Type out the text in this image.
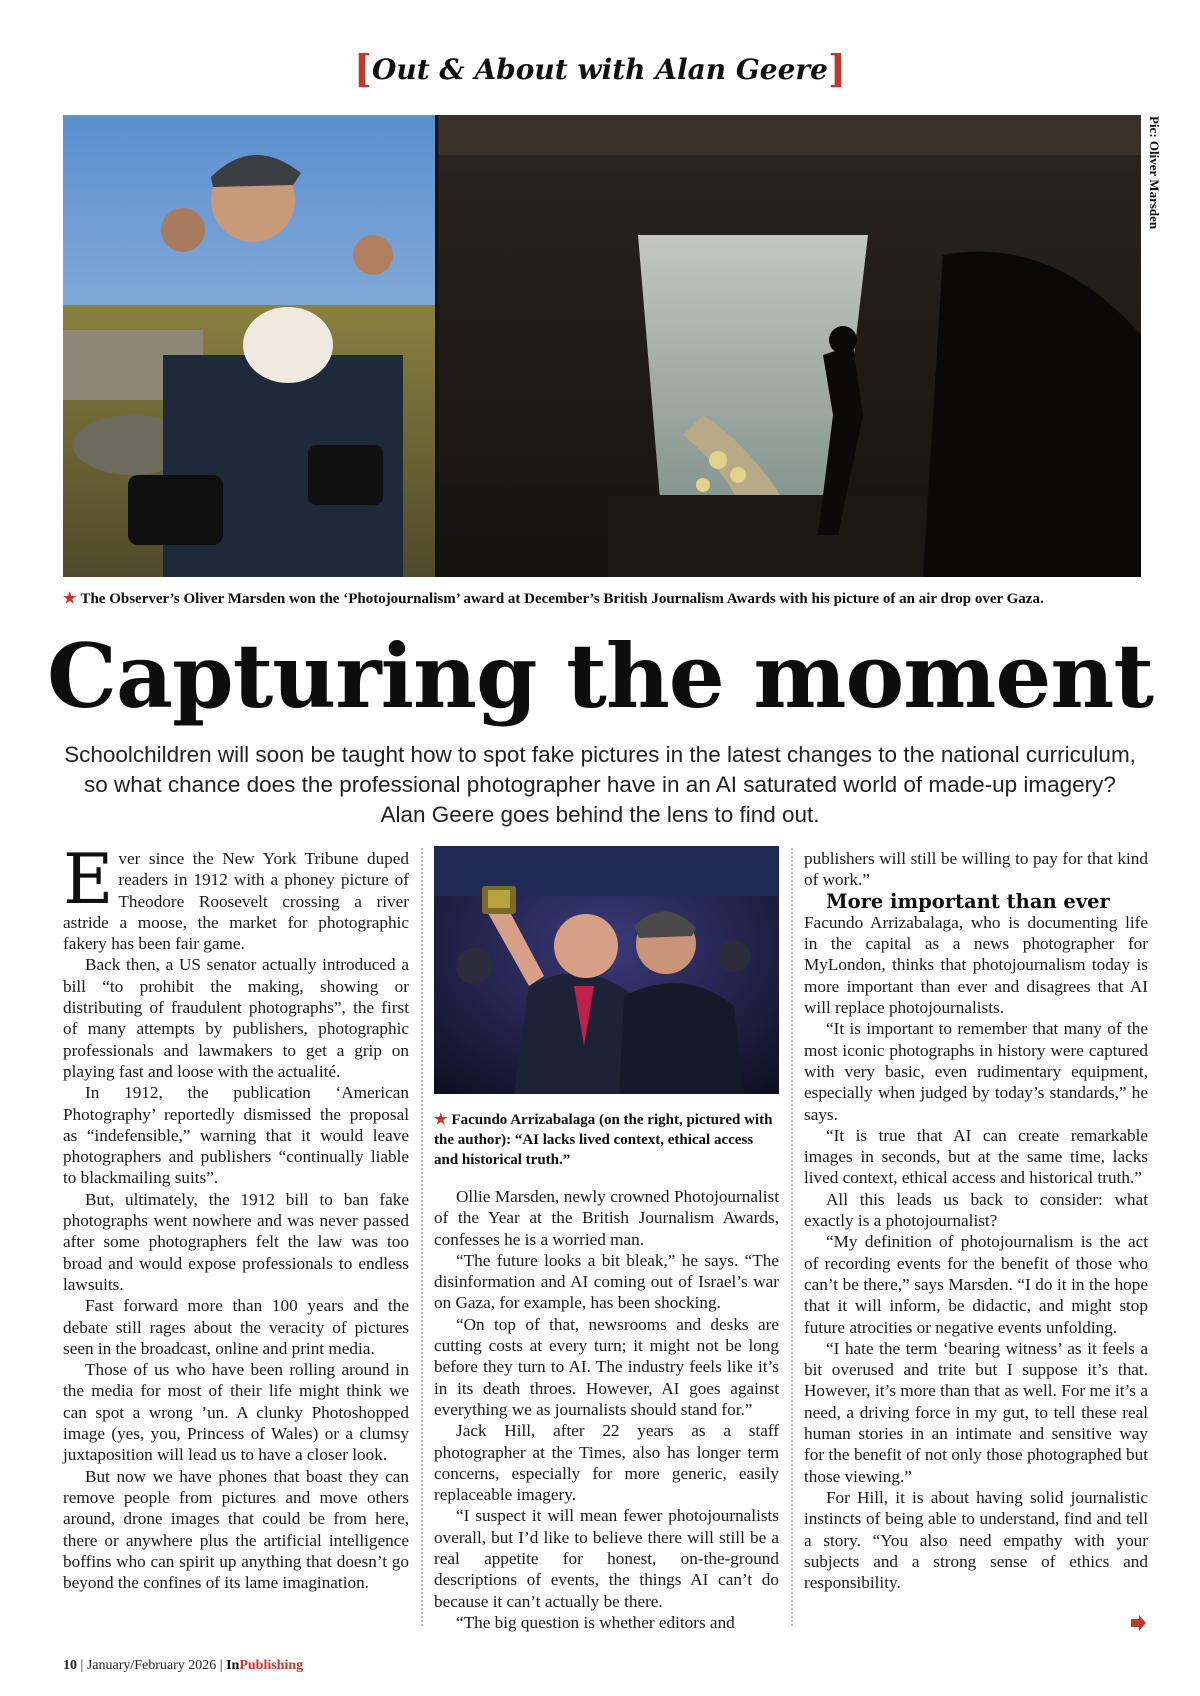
[Out & About with Alan Geere]
Pic: Oliver Marsden
★ The Observer’s Oliver Marsden won the ‘Photojournalism’ award at December’s British Journalism Awards with his picture of an air drop over Gaza.
Capturing the moment

Schoolchildren will soon be taught how to spot fake pictures in the latest changes to the national curriculum,

so what chance does the professional photographer have in an AI saturated world of made-up imagery?

Alan Geere goes behind the lens to find out.

Ever since the New York Tribune duped readers in 1912 with a phoney picture of Theodore Roosevelt crossing a river astride a moose, the market for photographic fakery has been fair game.

Back then, a US senator actually introduced a bill “to prohibit the making, showing or distributing of fraudulent photographs”, the first of many attempts by publishers, photographic professionals and lawmakers to get a grip on playing fast and loose with the actualité.

In 1912, the publication ‘American Photography’ reportedly dismissed the proposal as “indefensible,” warning that it would leave photographers and publishers “continually liable to blackmailing suits”.

But, ultimately, the 1912 bill to ban fake photographs went nowhere and was never passed after some photographers felt the law was too broad and would expose professionals to endless lawsuits.

Fast forward more than 100 years and the debate still rages about the veracity of pictures seen in the broadcast, online and print media.

Those of us who have been rolling around in the media for most of their life might think we can spot a wrong ’un. A clunky Photoshopped image (yes, you, Princess of Wales) or a clumsy juxtaposition will lead us to have a closer look.

But now we have phones that boast they can remove people from pictures and move others around, drone images that could be from here, there or anywhere plus the artificial intelligence boffins who can spirit up anything that doesn’t go beyond the confines of its lame imagination.

★ Facundo Arrizabalaga (on the right, pictured with the author): “AI lacks lived context, ethical access and historical truth.”

Ollie Marsden, newly crowned Photojournalist of the Year at the British Journalism Awards, confesses he is a worried man.

“The future looks a bit bleak,” he says. “The disinformation and AI coming out of Israel’s war on Gaza, for example, has been shocking.

“On top of that, newsrooms and desks are cutting costs at every turn; it might not be long before they turn to AI. The industry feels like it’s in its death throes. However, AI goes against everything we as journalists should stand for.”

Jack Hill, after 22 years as a staff photographer at the Times, also has longer term concerns, especially for more generic, easily replaceable imagery.

“I suspect it will mean fewer photojournalists overall, but I’d like to believe there will still be a real appetite for honest, on-the-ground descriptions of events, the things AI can’t do because it can’t actually be there.

“The big question is whether editors and

publishers will still be willing to pay for that kind of work.”

More important than ever

Facundo Arrizabalaga, who is documenting life in the capital as a news photographer for MyLondon, thinks that photojournalism today is more important than ever and disagrees that AI will replace photojournalists.

“It is important to remember that many of the most iconic photographs in history were captured with very basic, even rudimentary equipment, especially when judged by today’s standards,” he says.

“It is true that AI can create remarkable images in seconds, but at the same time, lacks lived context, ethical access and historical truth.”

All this leads us back to consider: what exactly is a photojournalist?

“My definition of photojournalism is the act of recording events for the benefit of those who can’t be there,” says Marsden. “I do it in the hope that it will inform, be didactic, and might stop future atrocities or negative events unfolding.

“I hate the term ‘bearing witness’ as it feels a bit overused and trite but I suppose it’s that. However, it’s more than that as well. For me it’s a need, a driving force in my gut, to tell these real human stories in an intimate and sensitive way for the benefit of not only those photographed but those viewing.”

For Hill, it is about having solid journalistic instincts of being able to understand, find and tell a story. “You also need empathy with your subjects and a strong sense of ethics and responsibility.

10 | January/February 2026 | InPublishing
